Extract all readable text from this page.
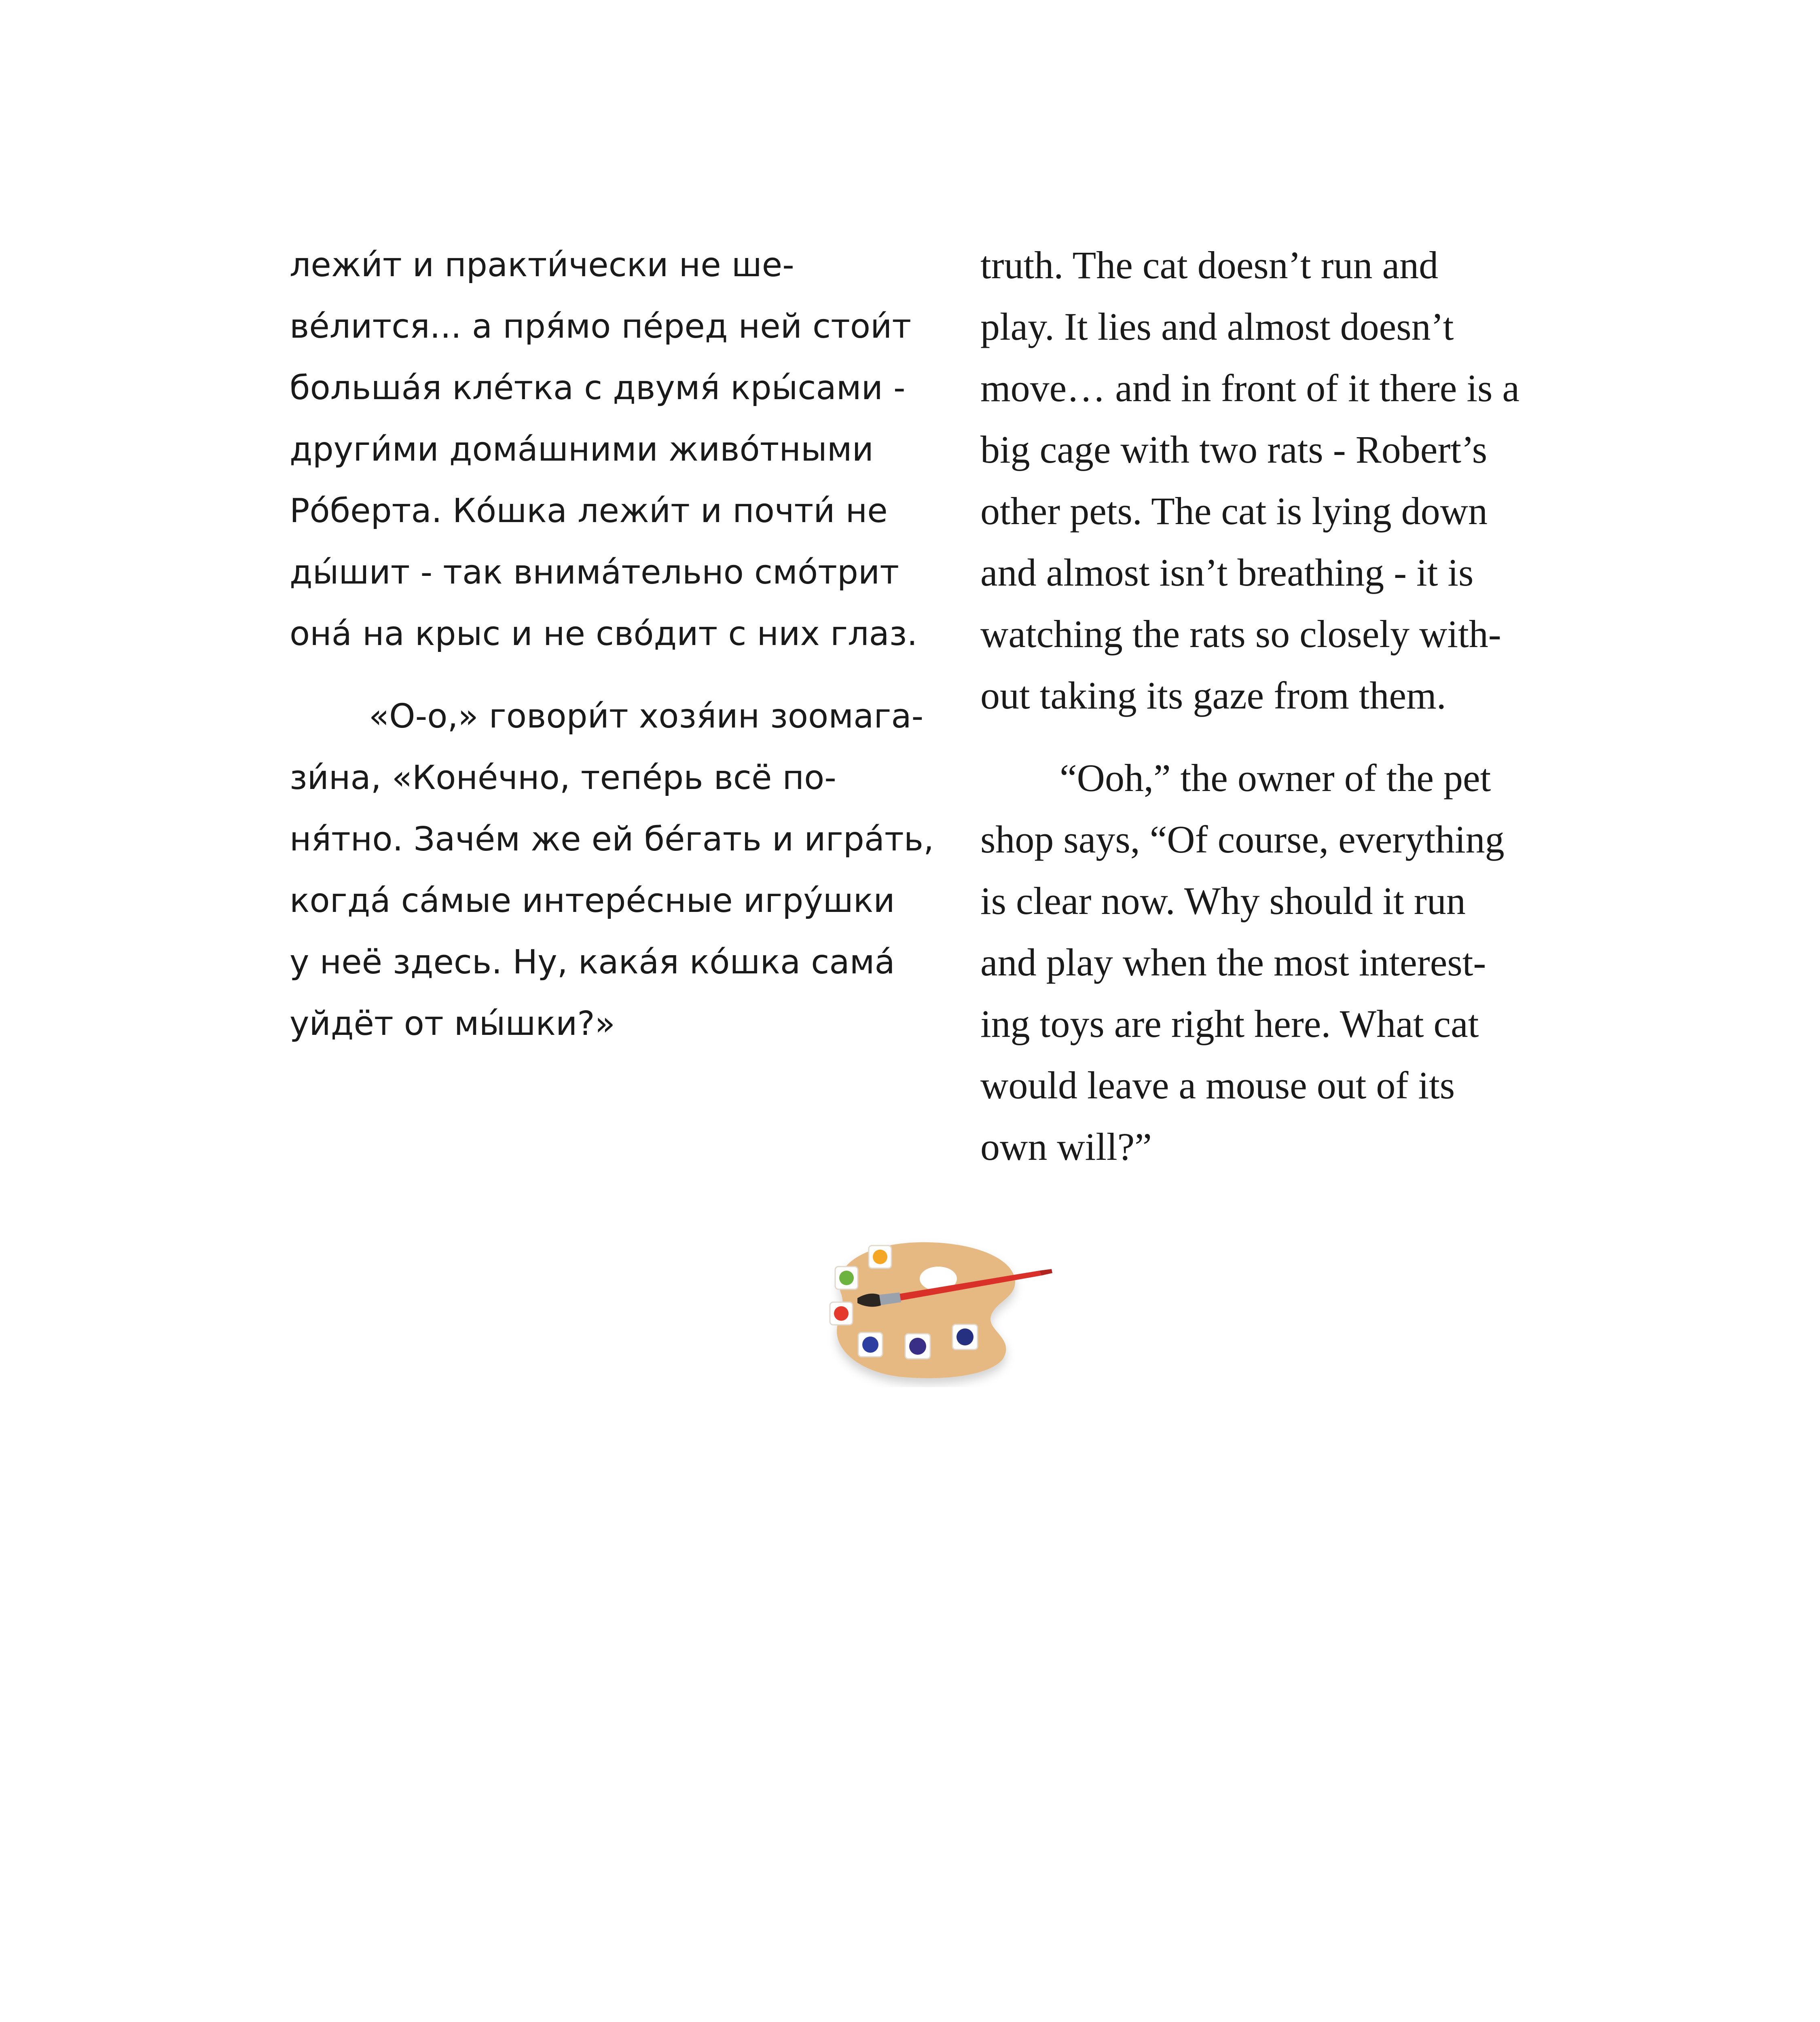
лежи́т и практи́чески не ше-
ве́лится... а пря́мо пе́ред ней стои́т
больша́я кле́тка с двумя́ кры́сами -
други́ми дома́шними живо́тными
Ро́берта. Ко́шка лежи́т и почти́ не
ды́шит - так внима́тельно смо́трит
она́ на крыс и не сво́дит с них глаз.
«О-о,» говори́т хозя́ин зоомага-
зи́на, «Коне́чно, тепе́рь всё по-
ня́тно. Заче́м же ей бе́гать и игра́ть,
когда́ са́мые интере́сные игру́шки
у неё здесь. Ну, кака́я ко́шка сама́
уйдёт от мы́шки?»
truth. The cat doesn’t run and
play. It lies and almost doesn’t
move… and in front of it there is a
big cage with two rats - Robert’s
other pets. The cat is lying down
and almost isn’t breathing - it is
watching the rats so closely with-
out taking its gaze from them.
“Ooh,” the owner of the pet
shop says, “Of course, everything
is clear now. Why should it run
and play when the most interest-
ing toys are right here. What cat
would leave a mouse out of its
own will?”
